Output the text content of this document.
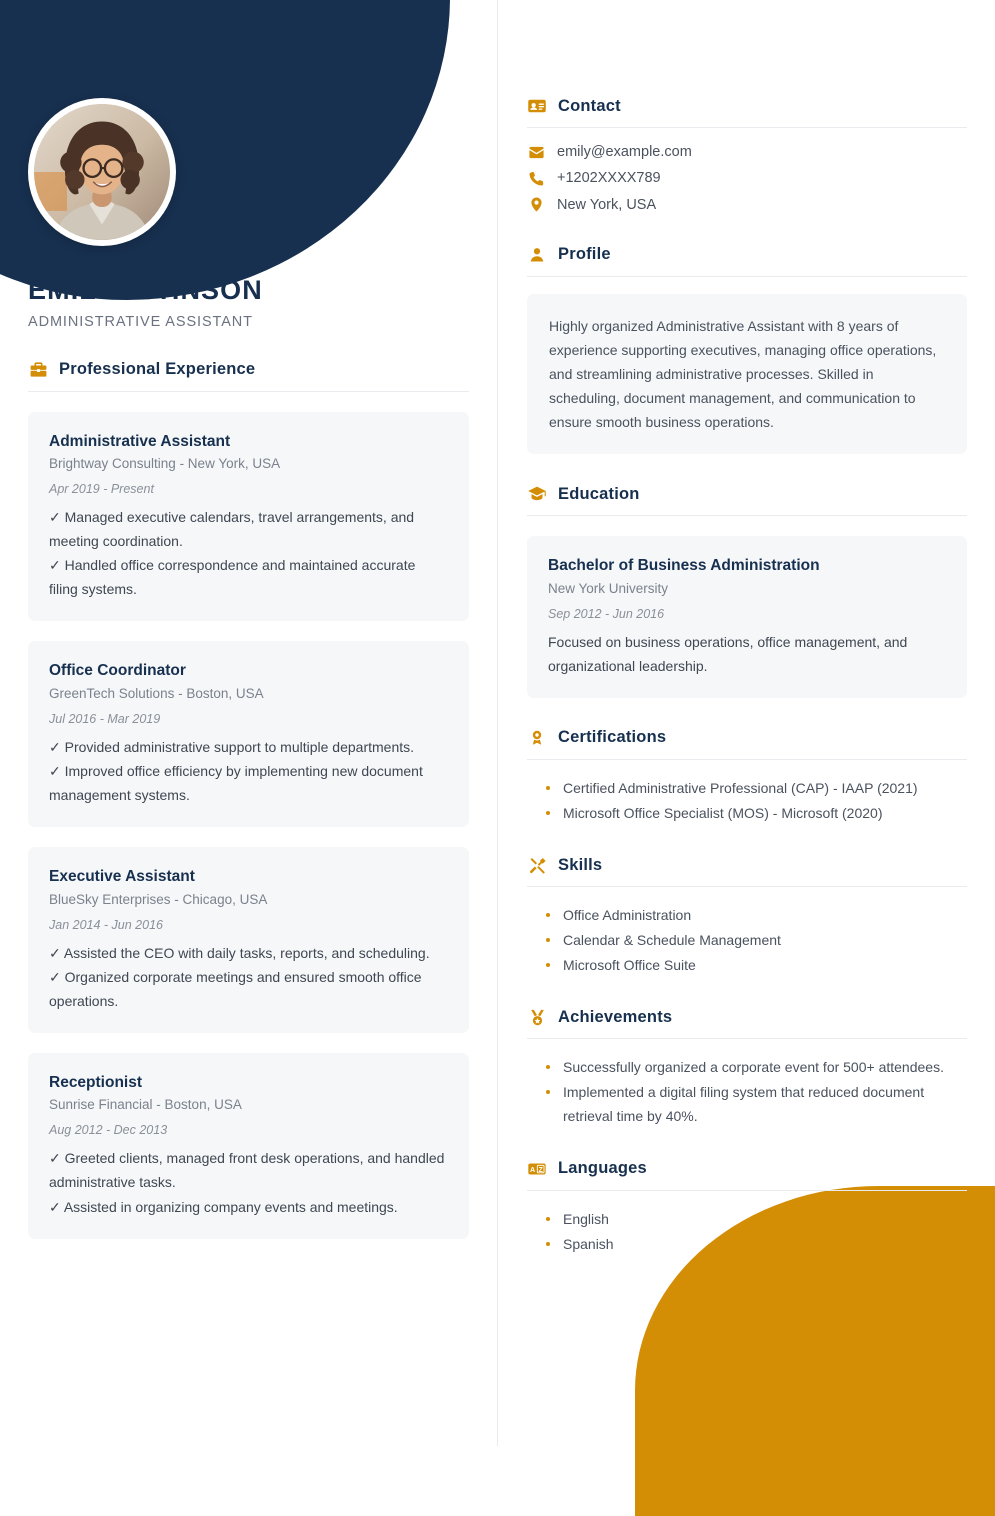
EMILY JOHNSON
ADMINISTRATIVE ASSISTANT
Professional Experience
Administrative Assistant
Brightway Consulting - New York, USA
Apr 2019 - Present
✓ Managed executive calendars, travel arrangements, and meeting coordination.
✓ Handled office correspondence and maintained accurate filing systems.
Office Coordinator
GreenTech Solutions - Boston, USA
Jul 2016 - Mar 2019
✓ Provided administrative support to multiple departments.
✓ Improved office efficiency by implementing new document management systems.
Executive Assistant
BlueSky Enterprises - Chicago, USA
Jan 2014 - Jun 2016
✓ Assisted the CEO with daily tasks, reports, and scheduling.
✓ Organized corporate meetings and ensured smooth office operations.
Receptionist
Sunrise Financial - Boston, USA
Aug 2012 - Dec 2013
✓ Greeted clients, managed front desk operations, and handled administrative tasks.
✓ Assisted in organizing company events and meetings.
Contact
emily@example.com
+1202XXXX789
New York, USA
Profile
Highly organized Administrative Assistant with 8 years of experience supporting executives, managing office operations, and streamlining administrative processes. Skilled in scheduling, document management, and communication to ensure smooth business operations.
Education
Bachelor of Business Administration
New York University
Sep 2012 - Jun 2016
Focused on business operations, office management, and organizational leadership.
Certifications
Certified Administrative Professional (CAP) - IAAP (2021)
Microsoft Office Specialist (MOS) - Microsoft (2020)
Skills
Office Administration
Calendar & Schedule Management
Microsoft Office Suite
Achievements
Successfully organized a corporate event for 500+ attendees.
Implemented a digital filing system that reduced document retrieval time by 40%.
A Z Languages
English
Spanish
